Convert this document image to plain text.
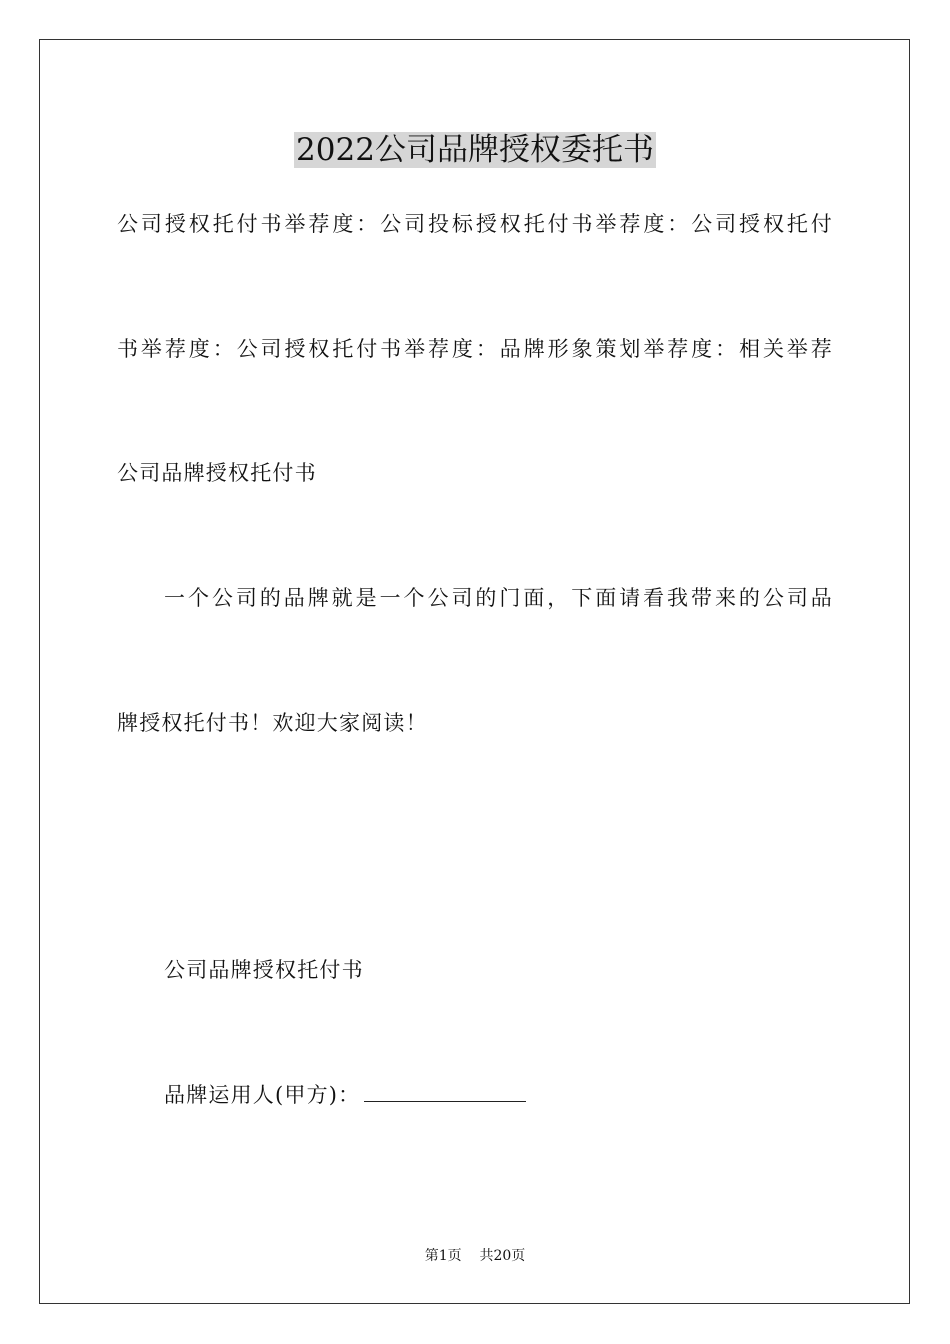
2022公司品牌授权委托书
公司授权托付书举荐度：公司投标授权托付书举荐度：公司授权托付
书举荐度：公司授权托付书举荐度：品牌形象策划举荐度：相关举荐
公司品牌授权托付书
一个公司的品牌就是一个公司的门面，下面请看我带来的公司品
牌授权托付书！欢迎大家阅读！
公司品牌授权托付书
品牌运用人(甲方)：
第1页    共20页
